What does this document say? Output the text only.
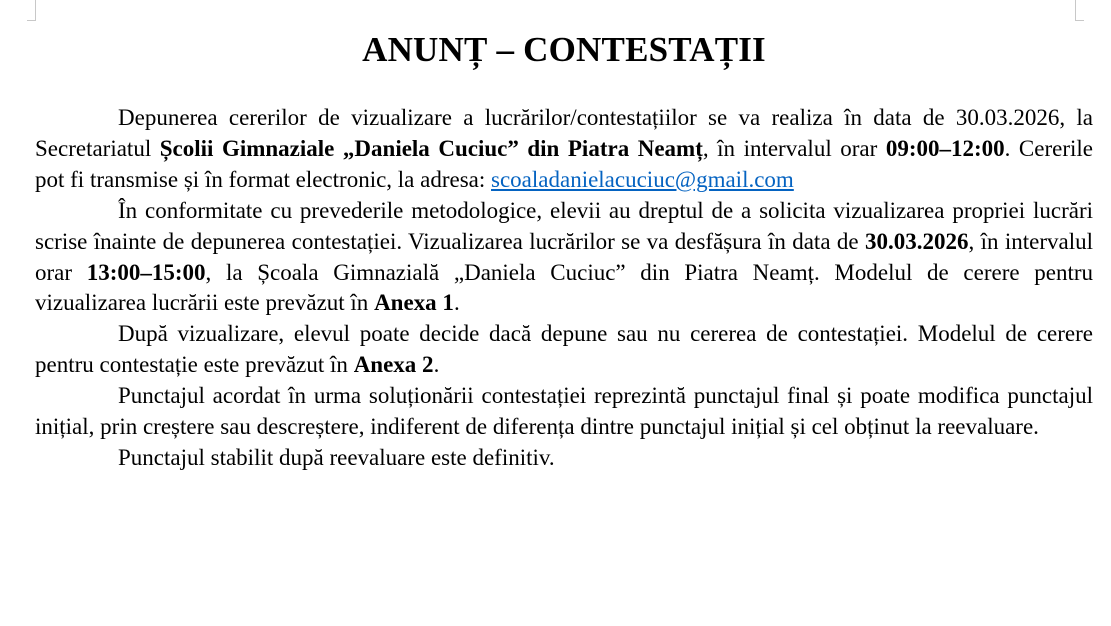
ANUNȚ – CONTESTAȚII

Depunerea cererilor de vizualizare a lucrărilor/contestațiilor se va realiza în data de 30.03.2026, la Secretariatul Școlii Gimnaziale „Daniela Cuciuc” din Piatra Neamț, în intervalul orar 09:00–12:00. Cererile pot fi transmise și în format electronic, la adresa: scoaladanielacuciuc@gmail.com

În conformitate cu prevederile metodologice, elevii au dreptul de a solicita vizualizarea propriei lucrări scrise înainte de depunerea contestației. Vizualizarea lucrărilor se va desfășura în data de 30.03.2026, în intervalul orar 13:00–15:00, la Școala Gimnazială „Daniela Cuciuc” din Piatra Neamț. Modelul de cerere pentru vizualizarea lucrării este prevăzut în Anexa 1.

După vizualizare, elevul poate decide dacă depune sau nu cererea de contestației. Modelul de cerere pentru contestație este prevăzut în Anexa 2.

Punctajul acordat în urma soluționării contestației reprezintă punctajul final și poate modifica punctajul inițial, prin creștere sau descreștere, indiferent de diferența dintre punctajul inițial și cel obținut la reevaluare.

Punctajul stabilit după reevaluare este definitiv.
